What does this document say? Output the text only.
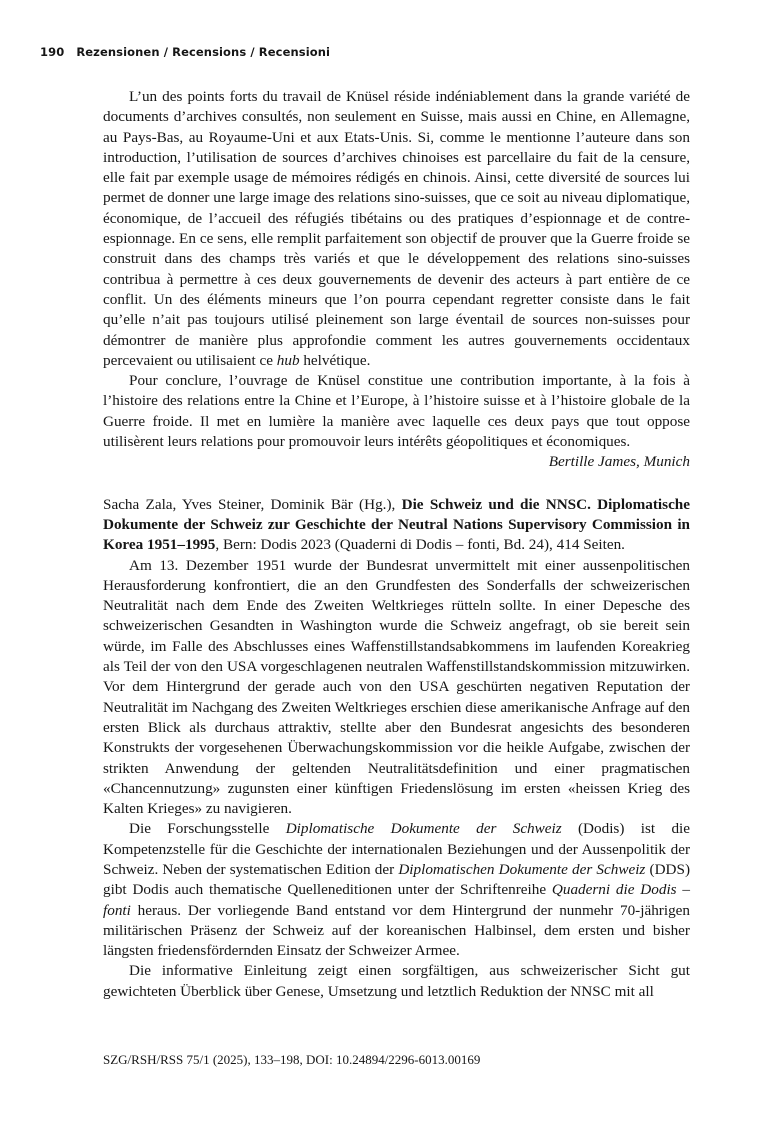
190 Rezensionen / Recensions / Recensioni

L’un des points forts du travail de Knüsel réside indéniablement dans la grande variété de documents d’archives consultés, non seulement en Suisse, mais aussi en Chine, en Allemagne, au Pays-Bas, au Royaume-Uni et aux Etats-Unis. Si, comme le mentionne l’auteure dans son introduction, l’utilisation de sources d’archives chinoises est parcellaire du fait de la censure, elle fait par exemple usage de mémoires rédigés en chinois. Ainsi, cette diversité de sources lui permet de donner une large image des relations sino-suisses, que ce soit au niveau diplomatique, économique, de l’accueil des réfugiés tibétains ou des pratiques d’espionnage et de contre-espionnage. En ce sens, elle remplit parfaitement son objectif de prouver que la Guerre froide se construit dans des champs très variés et que le développement des relations sino-suisses contribua à permettre à ces deux gouvernements de devenir des acteurs à part entière de ce conflit. Un des éléments mineurs que l’on pourra cependant regretter consiste dans le fait qu’elle n’ait pas toujours utilisé pleinement son large éventail de sources non-suisses pour démontrer de manière plus approfondie comment les autres gouvernements occidentaux percevaient ou utilisaient ce hub helvétique.

Pour conclure, l’ouvrage de Knüsel constitue une contribution importante, à la fois à l’histoire des relations entre la Chine et l’Europe, à l’histoire suisse et à l’histoire globale de la Guerre froide. Il met en lumière la manière avec laquelle ces deux pays que tout oppose utilisèrent leurs relations pour promouvoir leurs intérêts géopolitiques et économiques.

Bertille James, Munich

Sacha Zala, Yves Steiner, Dominik Bär (Hg.), Die Schweiz und die NNSC. Diplomatische Dokumente der Schweiz zur Geschichte der Neutral Nations Supervisory Commission in Korea 1951–1995, Bern: Dodis 2023 (Quaderni di Dodis – fonti, Bd. 24), 414 Seiten.

Am 13. Dezember 1951 wurde der Bundesrat unvermittelt mit einer aussenpolitischen Herausforderung konfrontiert, die an den Grundfesten des Sonderfalls der schweizerischen Neutralität nach dem Ende des Zweiten Weltkrieges rütteln sollte. In einer Depesche des schweizerischen Gesandten in Washington wurde die Schweiz angefragt, ob sie bereit sein würde, im Falle des Abschlusses eines Waffenstillstandsabkommens im laufenden Koreakrieg als Teil der von den USA vorgeschlagenen neutralen Waffenstillstandskommission mitzuwirken. Vor dem Hintergrund der gerade auch von den USA geschürten negativen Reputation der Neutralität im Nachgang des Zweiten Weltkrieges erschien diese amerikanische Anfrage auf den ersten Blick als durchaus attraktiv, stellte aber den Bundesrat angesichts des besonderen Konstrukts der vorgesehenen Überwachungskommission vor die heikle Aufgabe, zwischen der strikten Anwendung der geltenden Neutralitätsdefinition und einer pragmatischen «Chancennutzung» zugunsten einer künftigen Friedenslösung im ersten «heissen Krieg des Kalten Krieges» zu navigieren.

Die Forschungsstelle Diplomatische Dokumente der Schweiz (Dodis) ist die Kompetenzstelle für die Geschichte der internationalen Beziehungen und der Aussenpolitik der Schweiz. Neben der systematischen Edition der Diplomatischen Dokumente der Schweiz (DDS) gibt Dodis auch thematische Quelleneditionen unter der Schriftenreihe Quaderni die Dodis – fonti heraus. Der vorliegende Band entstand vor dem Hintergrund der nunmehr 70-jährigen militärischen Präsenz der Schweiz auf der koreanischen Halbinsel, dem ersten und bisher längsten friedensfördernden Einsatz der Schweizer Armee.

Die informative Einleitung zeigt einen sorgfältigen, aus schweizerischer Sicht gut gewichteten Überblick über Genese, Umsetzung und letztlich Reduktion der NNSC mit all

SZG/RSH/RSS 75/1 (2025), 133–198, DOI: 10.24894/2296-6013.00169
